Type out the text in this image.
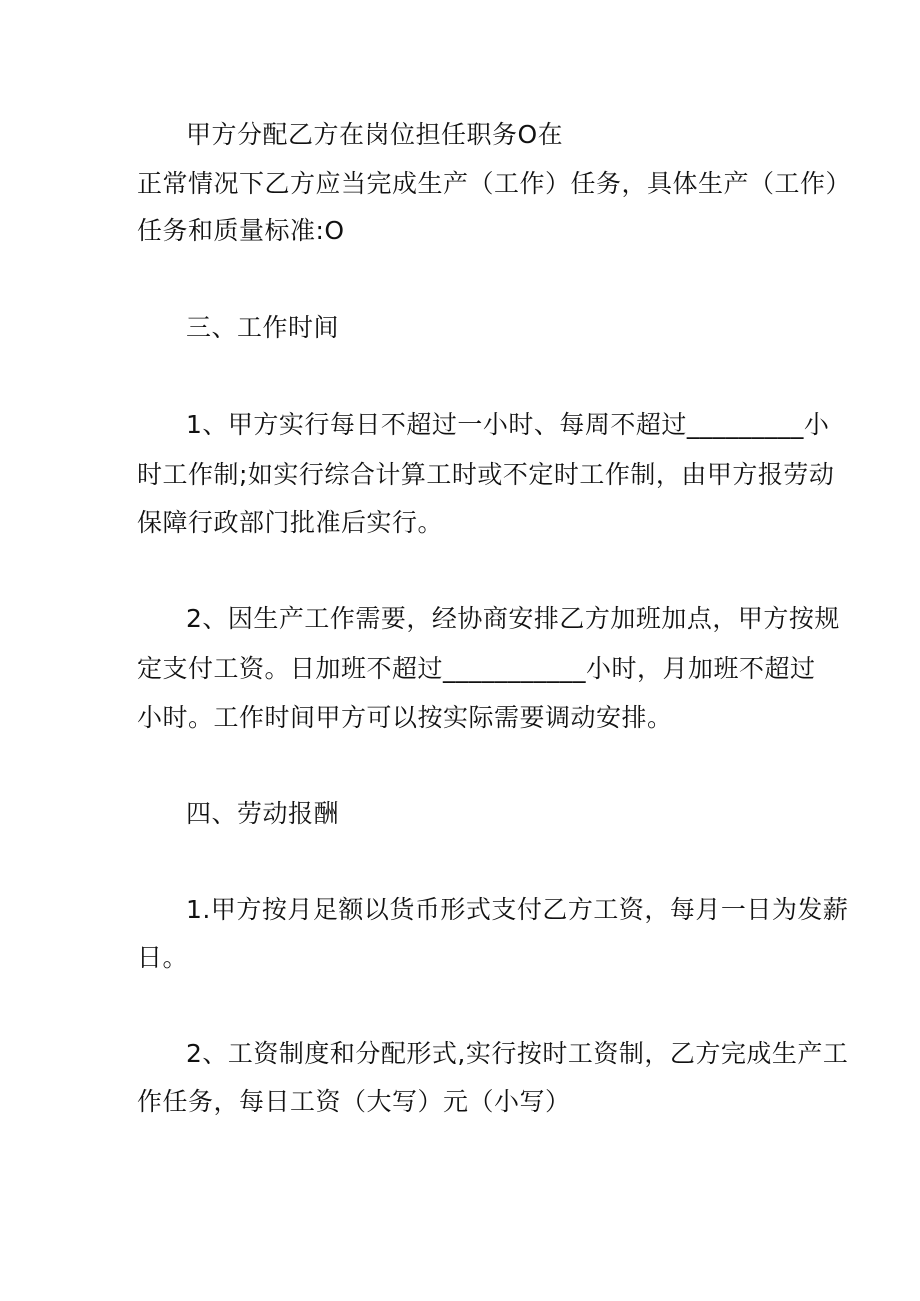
甲方分配乙方在岗位担任职务O在
正常情况下乙方应当完成生产（工作）任务，具体生产（工作）
任务和质量标准:O
三、工作时间
1、甲方实行每日不超过一小时、每周不超过_________小
时工作制;如实行综合计算工时或不定时工作制，由甲方报劳动
保障行政部门批准后实行。
2、因生产工作需要，经协商安排乙方加班加点，甲方按规
定支付工资。日加班不超过___________小时，月加班不超过
小时。工作时间甲方可以按实际需要调动安排。
四、劳动报酬
1.甲方按月足额以货币形式支付乙方工资，每月一日为发薪
日。
2、工资制度和分配形式,实行按时工资制，乙方完成生产工
作任务，每日工资（大写）元（小写）
